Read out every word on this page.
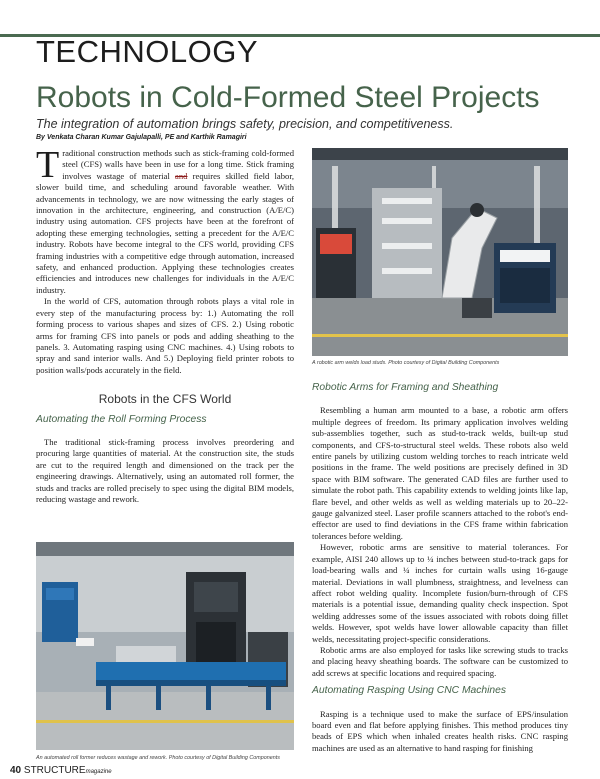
TECHNOLOGY
Robots in Cold-Formed Steel Projects
The integration of automation brings safety, precision, and competitiveness.
By Venkata Charan Kumar Gajulapalli, PE and Karthik Ramagiri

Traditional construction methods such as stick-framing cold-formed steel (CFS) walls have been in use for a long time. Stick framing involves wastage of material and requires skilled field labor, slower build time, and scheduling around favorable weather. With advancements in technology, we are now witnessing the early stages of innovation in the architecture, engineering, and construction (A/E/C) industry using automation. CFS projects have been at the forefront of adopting these emerging technologies, setting a precedent for the A/E/C industry. Robots have become integral to the CFS world, providing CFS framing industries with a competitive edge through automation, increased safety, and enhanced production. Applying these technologies creates efficiencies and introduces new challenges for individuals in the A/E/C industry.

In the world of CFS, automation through robots plays a vital role in every step of the manufacturing process by: 1.) Automating the roll forming process to various shapes and sizes of CFS. 2.) Using robotic arms for framing CFS into panels or pods and adding sheathing to the panels. 3. Automating rasping using CNC machines. 4.) Using robots to spray and sand interior walls. And 5.) Deploying field printer robots to position walls/pods accurately in the field.

Robots in the CFS World
Automating the Roll Forming Process

The traditional stick-framing process involves preordering and procuring large quantities of material. At the construction site, the studs are cut to the required length and dimensioned on the track per the engineering drawings. Alternatively, using an automated roll former, the studs and tracks are rolled precisely to spec using the digital BIM models, reducing wastage and rework.

A robotic arm welds load studs. Photo courtesy of Digital Building Components
An automated roll former reduces wastage and rework. Photo courtesy of Digital Building Components
Robotic Arms for Framing and Sheathing

Resembling a human arm mounted to a base, a robotic arm offers multiple degrees of freedom. Its primary application involves welding sub-assemblies together, such as stud-to-track welds, built-up stud components, and CFS-to-structural steel welds. These robots also weld entire panels by utilizing custom welding torches to reach intricate weld positions in the frame. The weld positions are precisely defined in 3D space with BIM software. The generated CAD files are further used to simulate the robot path. This capability extends to welding joints like lap, flare bevel, and other welds as well as welding materials up to 20–22-gauge galvanized steel. Laser profile scanners attached to the robot's end-effector are used to find deviations in the CFS frame within fabrication tolerances before welding.

However, robotic arms are sensitive to material tolerances. For example, AISI 240 allows up to ¼ inches between stud-to-track gaps for load-bearing walls and ¼ inches for curtain walls using 16-gauge material. Deviations in wall plumbness, straightness, and levelness can affect robot welding quality. Incomplete fusion/burn-through of CFS materials is a potential issue, demanding quality check inspection. Spot welding addresses some of the issues associated with robots doing fillet welds. However, spot welds have lower allowable capacity than fillet welds, necessitating project-specific considerations.

Robotic arms are also employed for tasks like screwing studs to tracks and placing heavy sheathing boards. The software can be customized to add screws at specific locations and required spacing.

Automating Rasping Using CNC Machines

Rasping is a technique used to make the surface of EPS/insulation board even and flat before applying finishes. This method produces tiny beads of EPS which when inhaled creates health risks. CNC rasping machines are used as an alternative to hand rasping for finishing

40 STRUCTUREmagazine
